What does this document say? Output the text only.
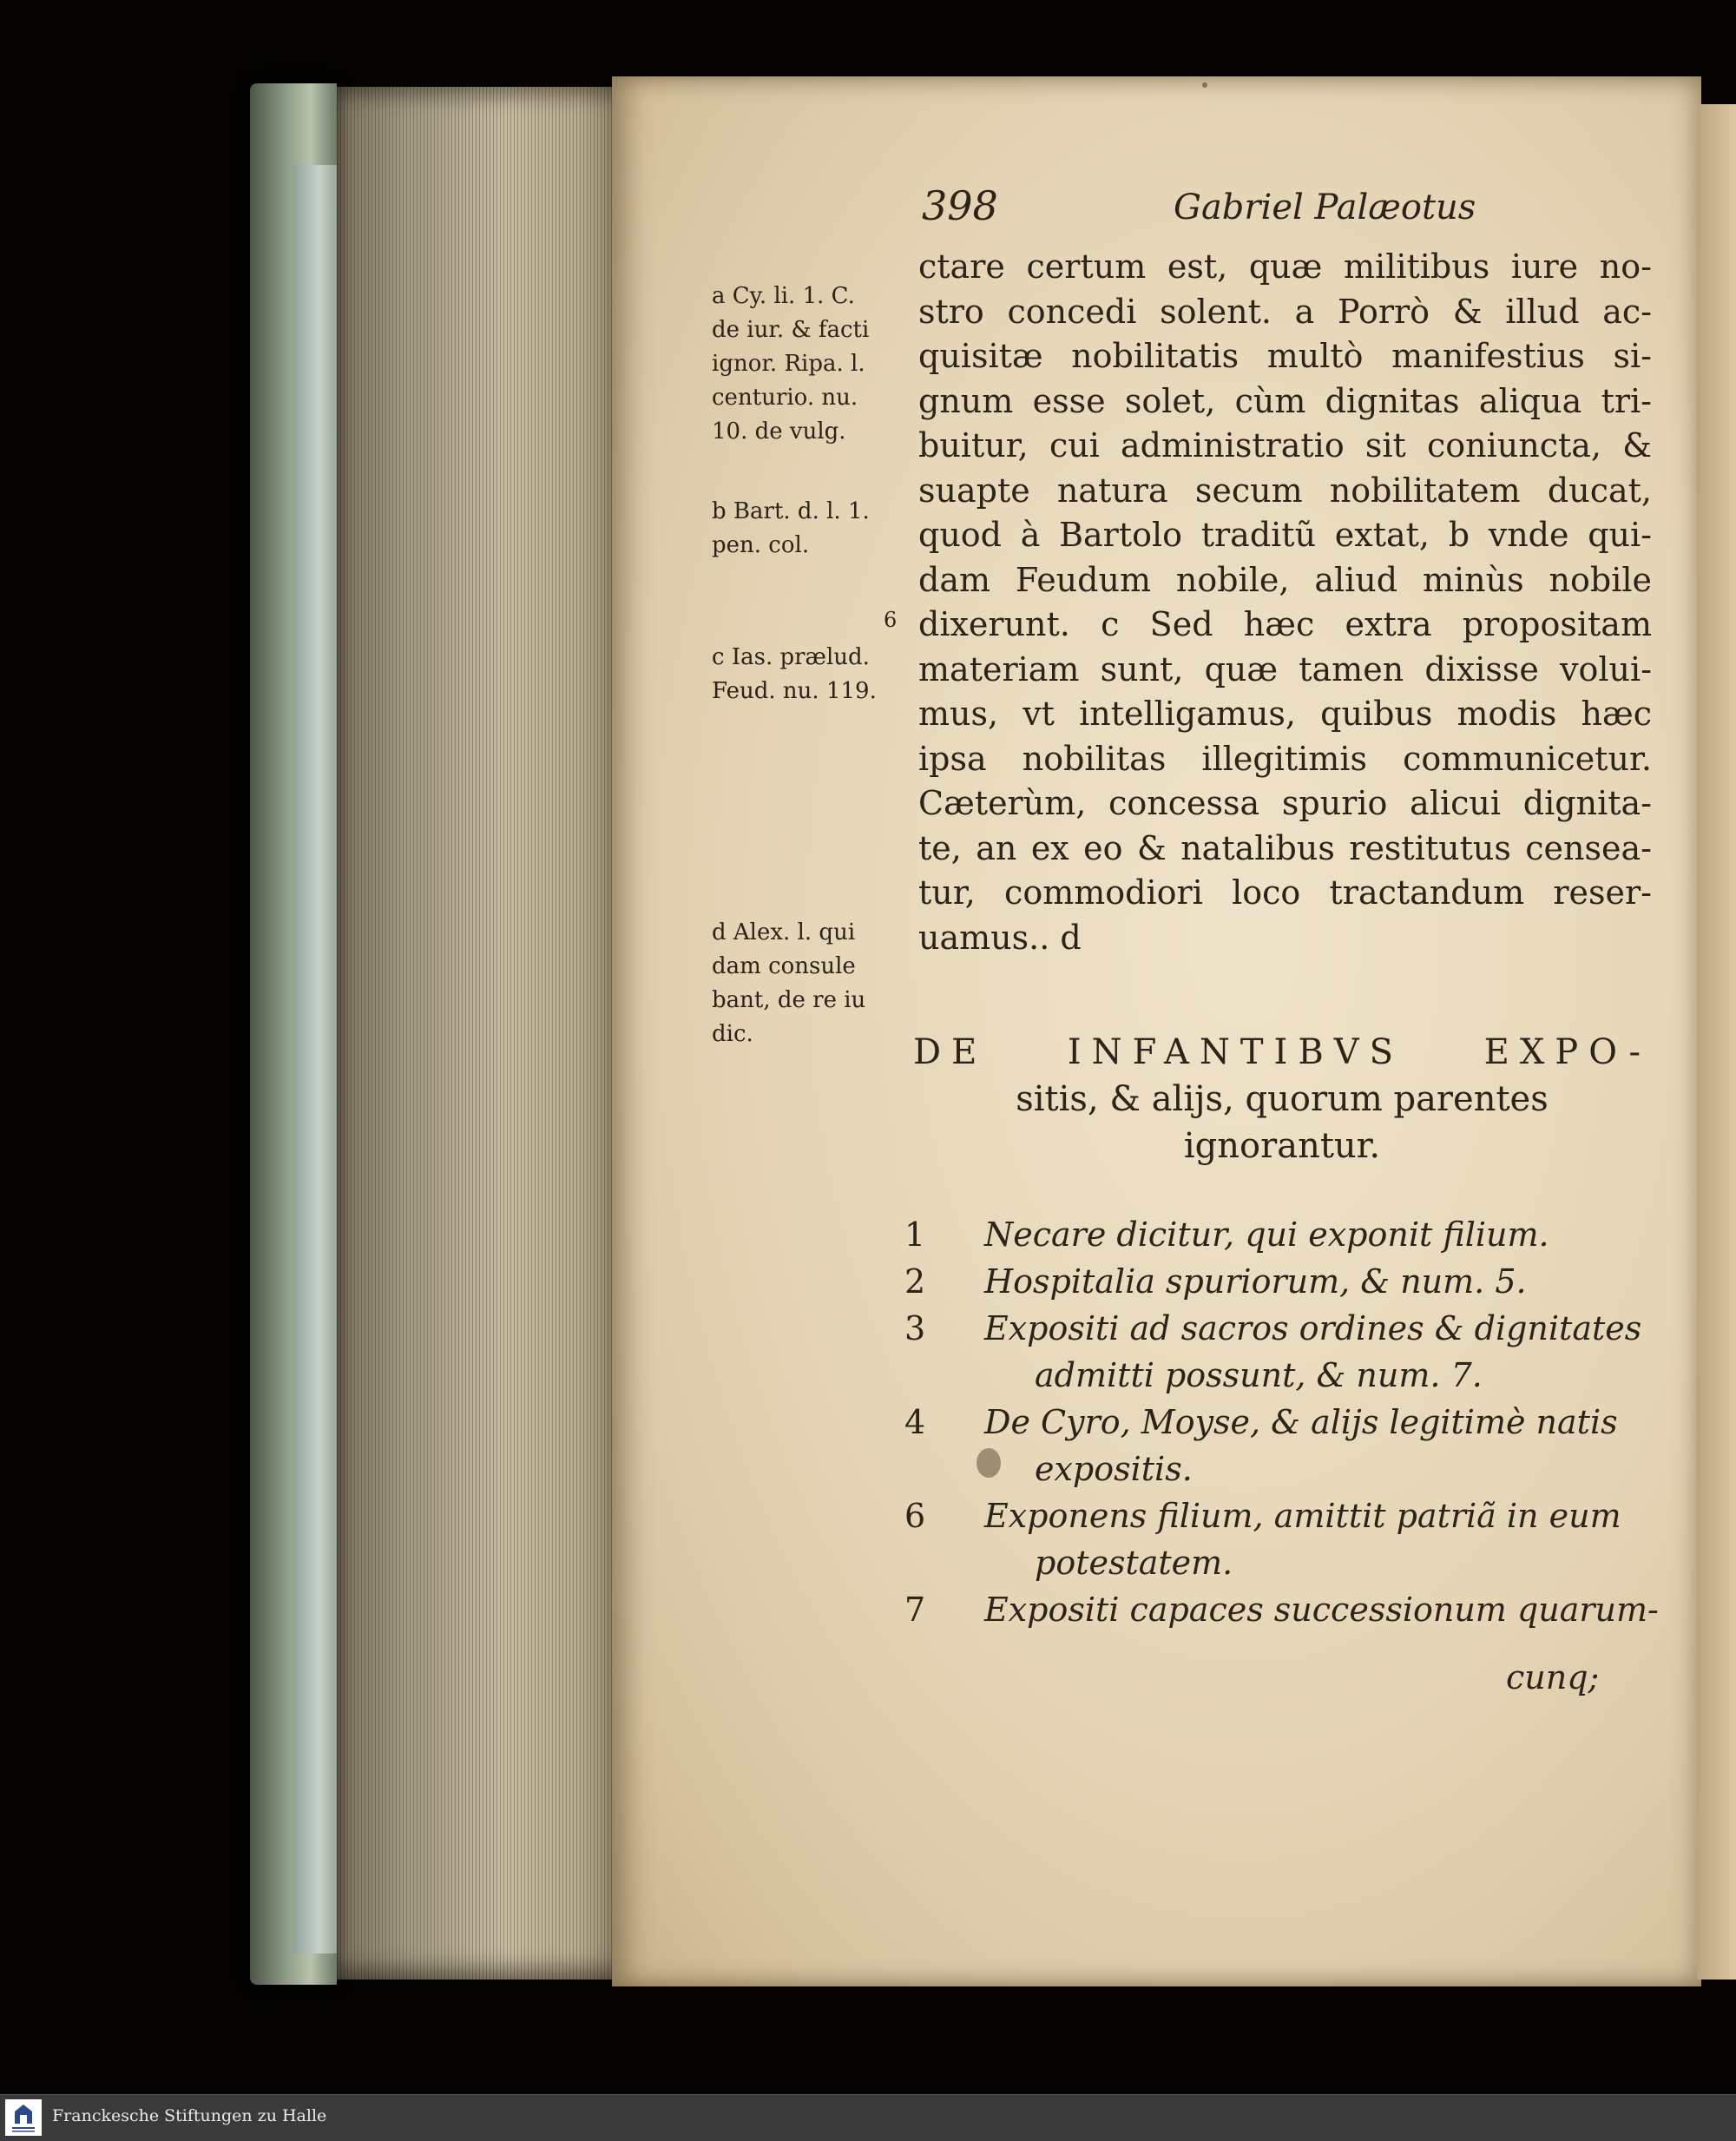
398	Gabriel Palæotus
ctare certum est, quæ militibus iure no-
stro concedi solent. a Porrò & illud ac-
quisitæ nobilitatis multò manifestius si-
gnum esse solet, cùm dignitas aliqua tri-
buitur, cui administratio sit coniuncta, &
suapte natura secum nobilitatem ducat,
quod à Bartolo traditũ extat, b vnde qui-
dam Feudum nobile, aliud minùs nobile
dixerunt. c Sed hæc extra propositam
materiam sunt, quæ tamen dixisse volui-
mus, vt intelligamus, quibus modis hæc
ipsa nobilitas illegitimis communicetur.
Cæterùm, concessa spurio alicui dignita-
te, an ex eo & natalibus restitutus censea-
tur, commodiori loco tractandum reser-
uamus.. d
a Cy. li. 1. C.
de iur. & facti
ignor. Ripa. l.
centurio. nu.
10. de vulg.
b Bart. d. l. 1.
pen. col.
6
c Ias. prælud.
Feud. nu. 119.
d Alex. l. qui
dam consule
bant, de re iu
dic.	DE INFANTIBVS EXPO-
sitis, & alijs, quorum parentes
ignorantur.
1	Necare dicitur, qui exponit filium.
2	Hospitalia spuriorum, & num. 5.
3	Expositi ad sacros ordines & dignitates
admitti possunt, & num. 7.
4	De Cyro, Moyse, & alijs legitimè natis
expositis.
6	Exponens filium, amittit patriã in eum
potestatem.
7	Expositi capaces successionum quarum-
cunq;
Franckesche Stiftungen zu Halle
